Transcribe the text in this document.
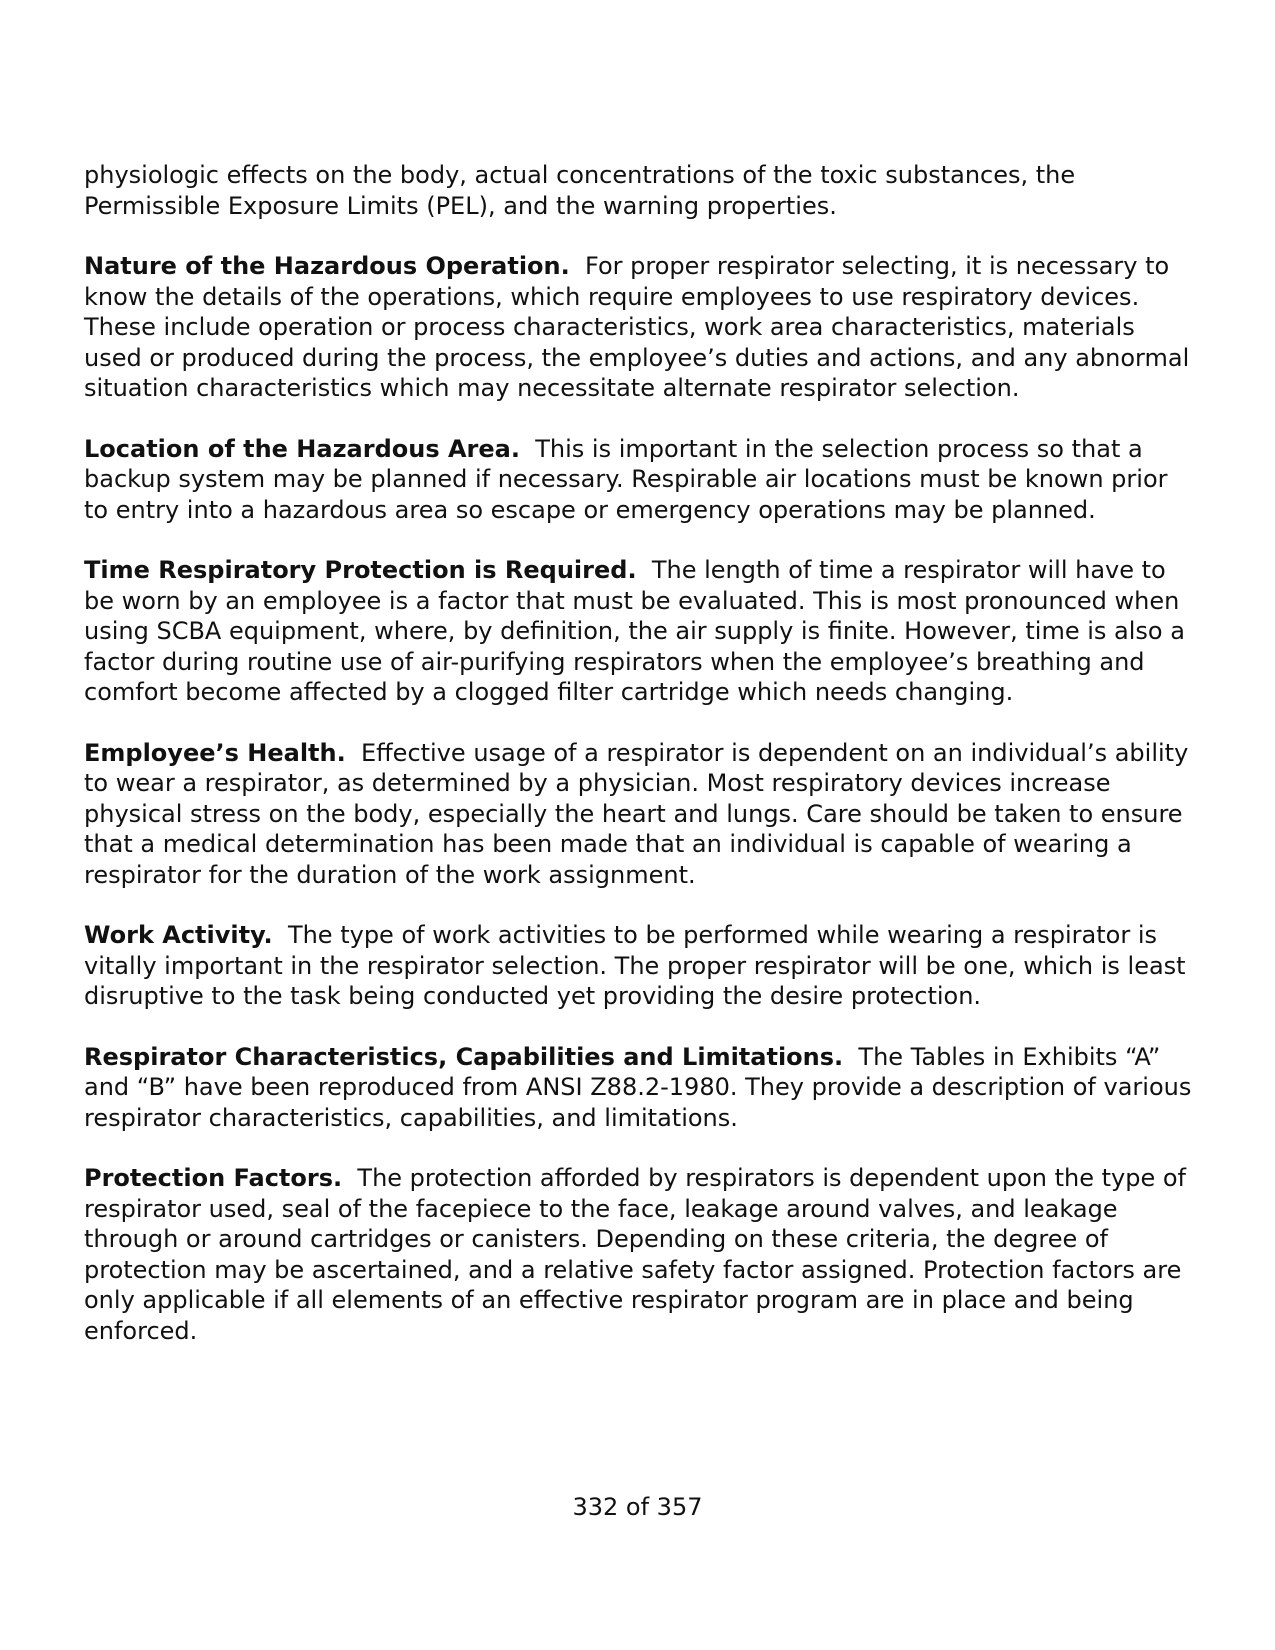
physiologic effects on the body, actual concentrations of the toxic substances, the Permissible Exposure Limits (PEL), and the warning properties.

Nature of the Hazardous Operation. For proper respirator selecting, it is necessary to know the details of the operations, which require employees to use respiratory devices. These include operation or process characteristics, work area characteristics, materials used or produced during the process, the employee’s duties and actions, and any abnormal situation characteristics which may necessitate alternate respirator selection.

Location of the Hazardous Area. This is important in the selection process so that a backup system may be planned if necessary. Respirable air locations must be known prior to entry into a hazardous area so escape or emergency operations may be planned.

Time Respiratory Protection is Required. The length of time a respirator will have to be worn by an employee is a factor that must be evaluated. This is most pronounced when using SCBA equipment, where, by definition, the air supply is finite. However, time is also a factor during routine use of air-purifying respirators when the employee’s breathing and comfort become affected by a clogged filter cartridge which needs changing.

Employee’s Health. Effective usage of a respirator is dependent on an individual’s ability to wear a respirator, as determined by a physician. Most respiratory devices increase physical stress on the body, especially the heart and lungs. Care should be taken to ensure that a medical determination has been made that an individual is capable of wearing a respirator for the duration of the work assignment.

Work Activity. The type of work activities to be performed while wearing a respirator is vitally important in the respirator selection. The proper respirator will be one, which is least disruptive to the task being conducted yet providing the desire protection.

Respirator Characteristics, Capabilities and Limitations. The Tables in Exhibits “A” and “B” have been reproduced from ANSI Z88.2-1980. They provide a description of various respirator characteristics, capabilities, and limitations.

Protection Factors. The protection afforded by respirators is dependent upon the type of respirator used, seal of the facepiece to the face, leakage around valves, and leakage through or around cartridges or canisters. Depending on these criteria, the degree of protection may be ascertained, and a relative safety factor assigned. Protection factors are only applicable if all elements of an effective respirator program are in place and being enforced.

332 of 357
